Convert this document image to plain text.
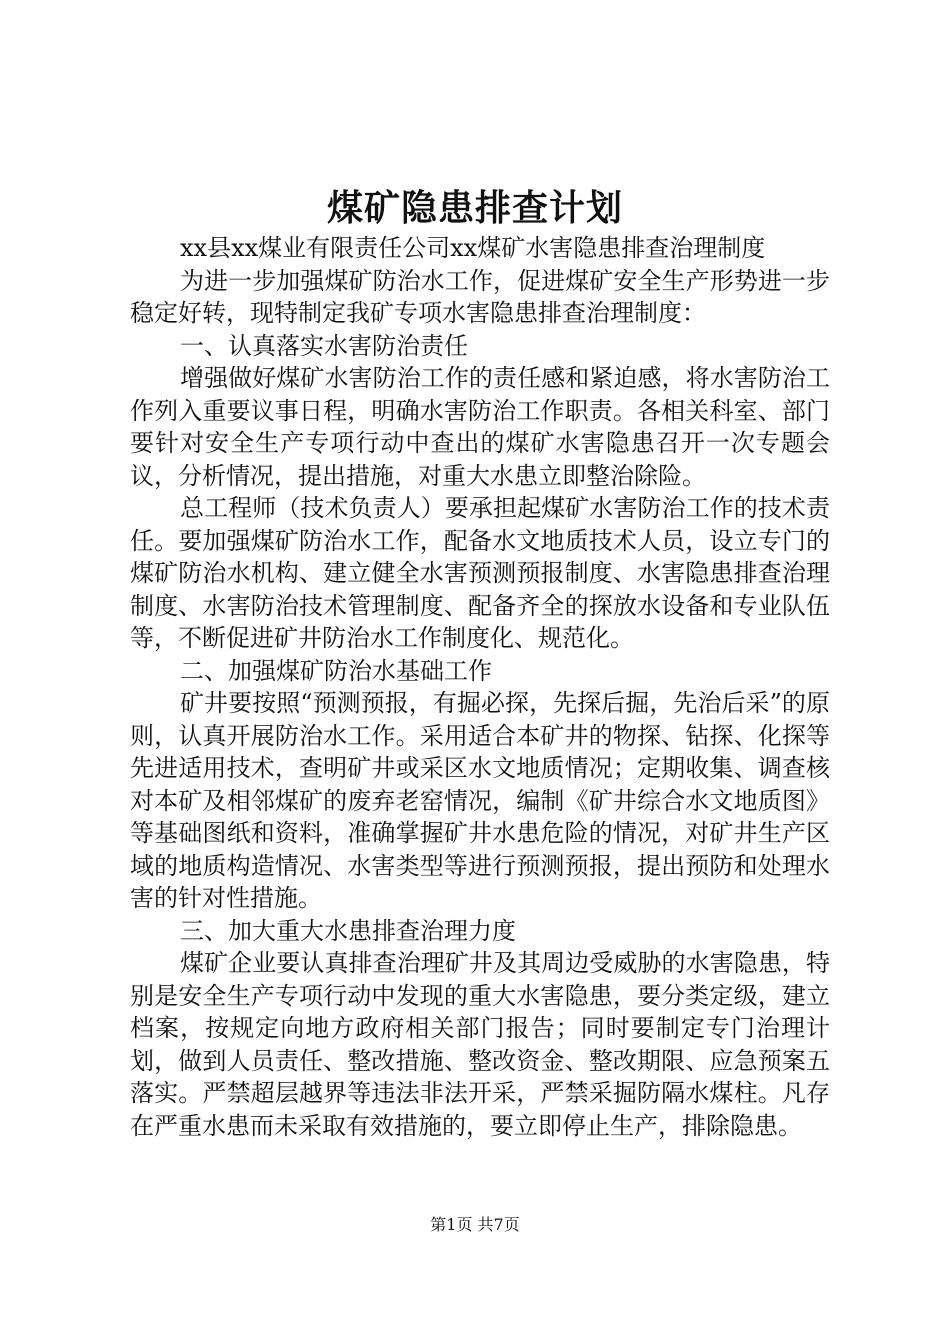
煤矿隐患排查计划

xx县xx煤业有限责任公司xx煤矿水害隐患排查治理制度

为进一步加强煤矿防治水工作，促进煤矿安全生产形势进一步稳定好转，现特制定我矿专项水害隐患排查治理制度：

一、认真落实水害防治责任

增强做好煤矿水害防治工作的责任感和紧迫感，将水害防治工作列入重要议事日程，明确水害防治工作职责。各相关科室、部门要针对安全生产专项行动中查出的煤矿水害隐患召开一次专题会议，分析情况，提出措施，对重大水患立即整治除险。

总工程师（技术负责人）要承担起煤矿水害防治工作的技术责任。要加强煤矿防治水工作，配备水文地质技术人员，设立专门的煤矿防治水机构、建立健全水害预测预报制度、水害隐患排查治理制度、水害防治技术管理制度、配备齐全的探放水设备和专业队伍等，不断促进矿井防治水工作制度化、规范化。

二、加强煤矿防治水基础工作

矿井要按照“预测预报，有掘必探，先探后掘，先治后采”的原则，认真开展防治水工作。采用适合本矿井的物探、钻探、化探等先进适用技术，查明矿井或采区水文地质情况；定期收集、调查核对本矿及相邻煤矿的废弃老窑情况，编制《矿井综合水文地质图》等基础图纸和资料，准确掌握矿井水患危险的情况，对矿井生产区域的地质构造情况、水害类型等进行预测预报，提出预防和处理水害的针对性措施。

三、加大重大水患排查治理力度

煤矿企业要认真排查治理矿井及其周边受威胁的水害隐患，特别是安全生产专项行动中发现的重大水害隐患，要分类定级，建立档案，按规定向地方政府相关部门报告；同时要制定专门治理计划，做到人员责任、整改措施、整改资金、整改期限、应急预案五落实。严禁超层越界等违法非法开采，严禁采掘防隔水煤柱。凡存在严重水患而未采取有效措施的，要立即停止生产，排除隐患。

第1页 共7页
